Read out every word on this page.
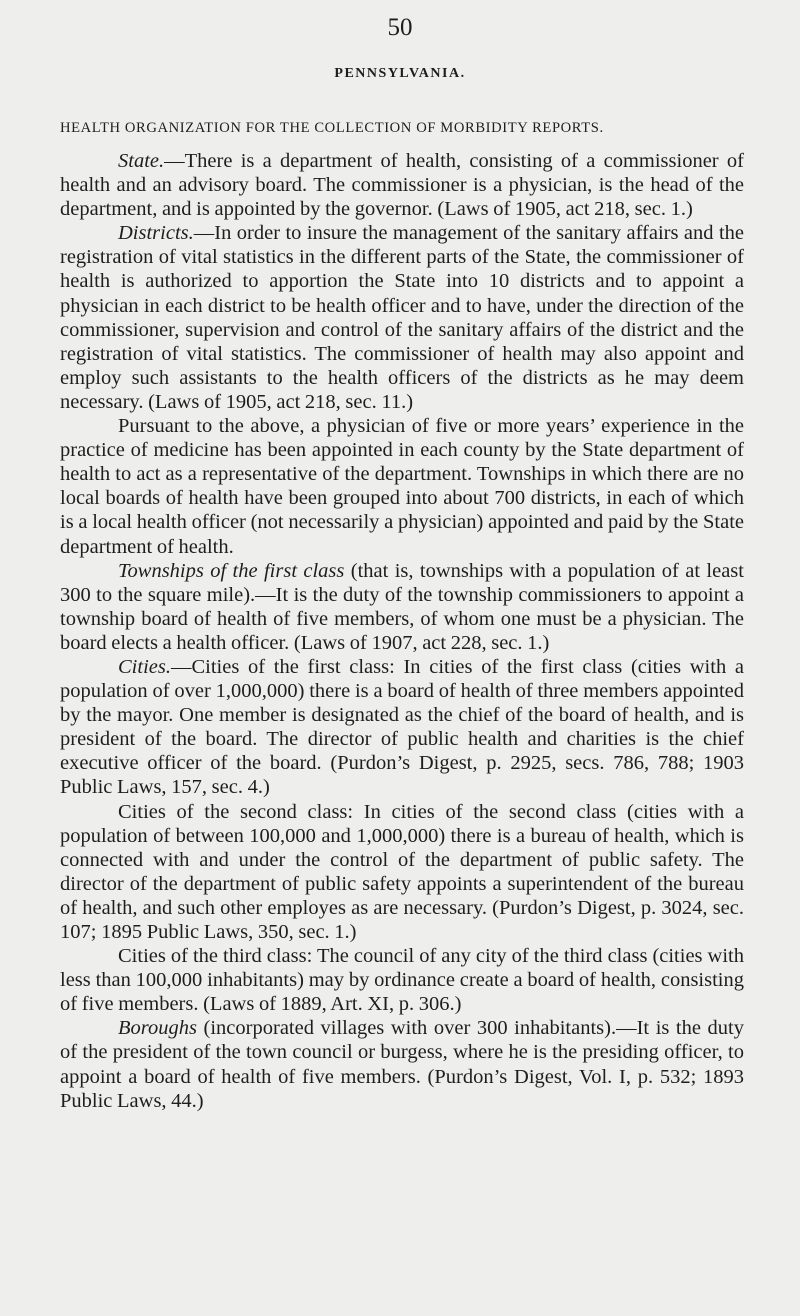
50
PENNSYLVANIA.
HEALTH ORGANIZATION FOR THE COLLECTION OF MORBIDITY REPORTS.

State.—There is a department of health, consisting of a commissioner of health and an advisory board. The commissioner is a physician, is the head of the department, and is appointed by the governor. (Laws of 1905, act 218, sec. 1.)

Districts.—In order to insure the management of the sanitary affairs and the registration of vital statistics in the different parts of the State, the commissioner of health is authorized to apportion the State into 10 districts and to appoint a physician in each district to be health officer and to have, under the direction of the commissioner, supervision and control of the sanitary affairs of the district and the registration of vital statistics. The commissioner of health may also appoint and employ such assistants to the health officers of the districts as he may deem necessary. (Laws of 1905, act 218, sec. 11.)

Pursuant to the above, a physician of five or more years’ experience in the practice of medicine has been appointed in each county by the State department of health to act as a representative of the department. Townships in which there are no local boards of health have been grouped into about 700 districts, in each of which is a local health officer (not necessarily a physician) appointed and paid by the State department of health.

Townships of the first class (that is, townships with a population of at least 300 to the square mile).—It is the duty of the township commissioners to appoint a township board of health of five members, of whom one must be a physician. The board elects a health officer. (Laws of 1907, act 228, sec. 1.)

Cities.—Cities of the first class: In cities of the first class (cities with a population of over 1,000,000) there is a board of health of three members appointed by the mayor. One member is designated as the chief of the board of health, and is president of the board. The director of public health and charities is the chief executive officer of the board. (Purdon’s Digest, p. 2925, secs. 786, 788; 1903 Public Laws, 157, sec. 4.)

Cities of the second class: In cities of the second class (cities with a population of between 100,000 and 1,000,000) there is a bureau of health, which is connected with and under the control of the department of public safety. The director of the department of public safety appoints a superintendent of the bureau of health, and such other employes as are necessary. (Purdon’s Digest, p. 3024, sec. 107; 1895 Public Laws, 350, sec. 1.)

Cities of the third class: The council of any city of the third class (cities with less than 100,000 inhabitants) may by ordinance create a board of health, consisting of five members. (Laws of 1889, Art. XI, p. 306.)

Boroughs (incorporated villages with over 300 inhabitants).—It is the duty of the president of the town council or burgess, where he is the presiding officer, to appoint a board of health of five members. (Purdon’s Digest, Vol. I, p. 532; 1893 Public Laws, 44.)
